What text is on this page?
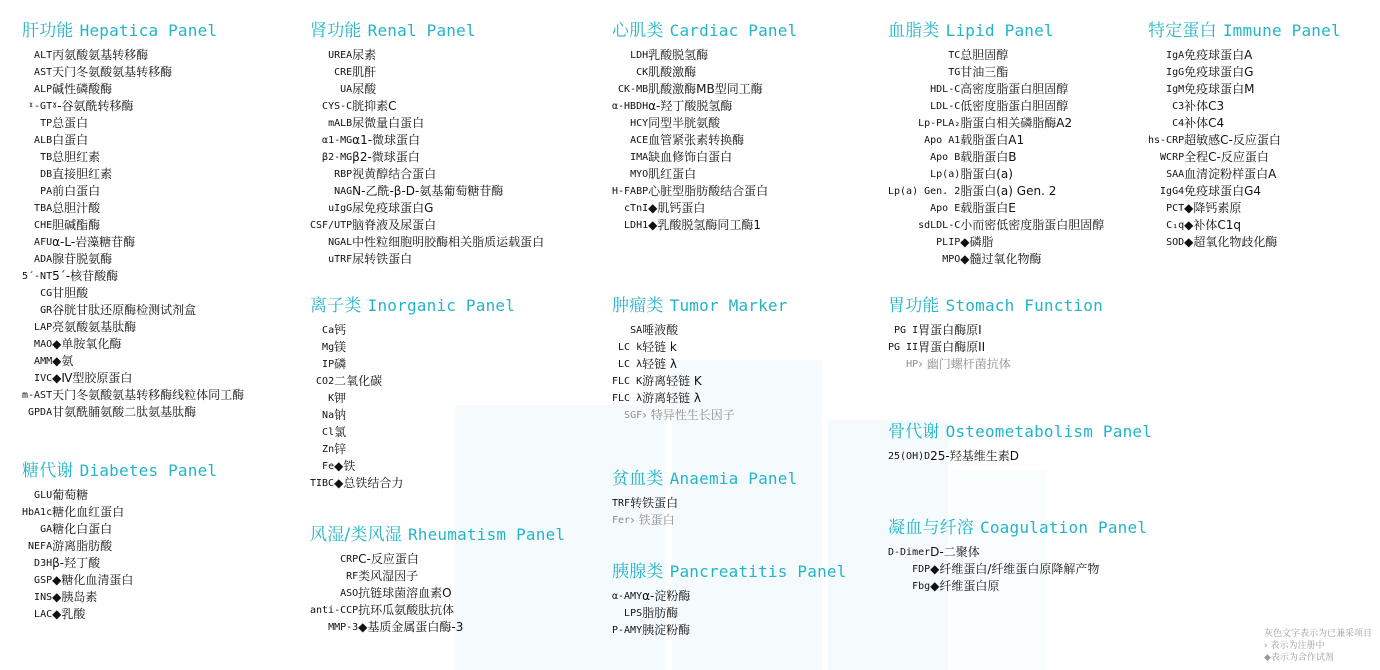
肝功能 Hepatica Panel
ALT	丙氨酸氨基转移酶
AST	天门冬氨酸氨基转移酶
ALP	碱性磷酸酶
ˠ-GT	ˠ-谷氨酰转移酶
TP	总蛋白
ALB	白蛋白
TB	总胆红素
DB	直接胆红素
PA	前白蛋白
TBA	总胆汁酸
CHE	胆碱酯酶
AFU	α-L-岩藻糖苷酶
ADA	腺苷脱氨酶
5´-NT	5´-核苷酸酶
CG	甘胆酸
GR	谷胱甘肽还原酶检测试剂盒
LAP	亮氨酸氨基肽酶
MAO	◆单胺氧化酶
AMM	◆氨
IVC	◆Ⅳ型胶原蛋白
m-AST	天门冬氨酸氨基转移酶线粒体同工酶
GPDA	甘氨酰脯氨酸二肽氨基肽酶
糖代谢 Diabetes Panel
GLU	葡萄糖
HbA1c	糖化血红蛋白
GA	糖化白蛋白
NEFA	游离脂肪酸
D3H	β-羟丁酸
GSP	◆糖化血清蛋白
INS	◆胰岛素
LAC	◆乳酸
肾功能 Renal Panel
UREA	尿素
CRE	肌酐
UA	尿酸
CYS-C	胱抑素C
mALB	尿微量白蛋白
α1-MG	α1-微球蛋白
β2-MG	β2-微球蛋白
RBP	视黄醇结合蛋白
NAG	N-乙酰-β-D-氨基葡萄糖苷酶
uIgG	尿免疫球蛋白G
CSF/UTP	脑脊液及尿蛋白
NGAL	中性粒细胞明胶酶相关脂质运载蛋白
uTRF	尿转铁蛋白
离子类 Inorganic Panel
Ca	钙
Mg	镁
IP	磷
CO2	二氧化碳
K	钾
Na	钠
Cl	氯
Zn	锌
Fe	◆铁
TIBC	◆总铁结合力
风湿/类风湿 Rheumatism Panel
CRP	C-反应蛋白
RF	类风湿因子
ASO	抗链球菌溶血素O
anti-CCP	抗环瓜氨酸肽抗体
MMP-3	◆基质金属蛋白酶-3
心肌类 Cardiac Panel
LDH	乳酸脱氢酶
CK	肌酸激酶
CK-MB	肌酸激酶MB型同工酶
α-HBDH	α-羟丁酸脱氢酶
HCY	同型半胱氨酸
ACE	血管紧张素转换酶
IMA	缺血修饰白蛋白
MYO	肌红蛋白
H-FABP	心脏型脂肪酸结合蛋白
cTnI	◆肌钙蛋白
LDH1	◆乳酸脱氢酶同工酶1
肿瘤类 Tumor Marker
SA	唾液酸
LC k	轻链 k
LC λ	轻链 λ
FLC Κ	游离轻链 Κ
FLC λ	游离轻链 λ
SGF	› 特异性生长因子
贫血类 Anaemia Panel
TRF	转铁蛋白
Fer	› 铁蛋白
胰腺类 Pancreatitis Panel
α-AMY	α-淀粉酶
LPS	脂肪酶
P-AMY	胰淀粉酶
血脂类 Lipid Panel
TC	总胆固醇
TG	甘油三酯
HDL-C	高密度脂蛋白胆固醇
LDL-C	低密度脂蛋白胆固醇
Lp-PLA₂	脂蛋白相关磷脂酶A2
Apo A1	载脂蛋白A1
Apo B	载脂蛋白B
Lp(a)	脂蛋白(a)
Lp(a) Gen. 2	脂蛋白(a) Gen. 2
Apo E	载脂蛋白E
sdLDL-C	小而密低密度脂蛋白胆固醇
PLIP	◆磷脂
MPO	◆髓过氧化物酶
胃功能 Stomach Function
PG I	胃蛋白酶原I
PG II	胃蛋白酶原II
HP	› 幽门螺杆菌抗体
骨代谢 Osteometabolism Panel
25(OH)D	25-羟基维生素D
凝血与纤溶 Coagulation Panel
D-Dimer	D-二聚体
FDP	◆纤维蛋白/纤维蛋白原降解产物
Fbg	◆纤维蛋白原
特定蛋白 Immune Panel
IgA	免疫球蛋白A
IgG	免疫球蛋白G
IgM	免疫球蛋白M
C3	补体C3
C4	补体C4
hs-CRP	超敏感C-反应蛋白
WCRP	全程C-反应蛋白
SAA	血清淀粉样蛋白A
IgG4	免疫球蛋白G4
PCT	◆降钙素原
C₁q	◆补体C1q
SOD	◆超氧化物歧化酶
灰色文字表示为已兼采项目
› 表示为注册中
◆表示为合作试剂
